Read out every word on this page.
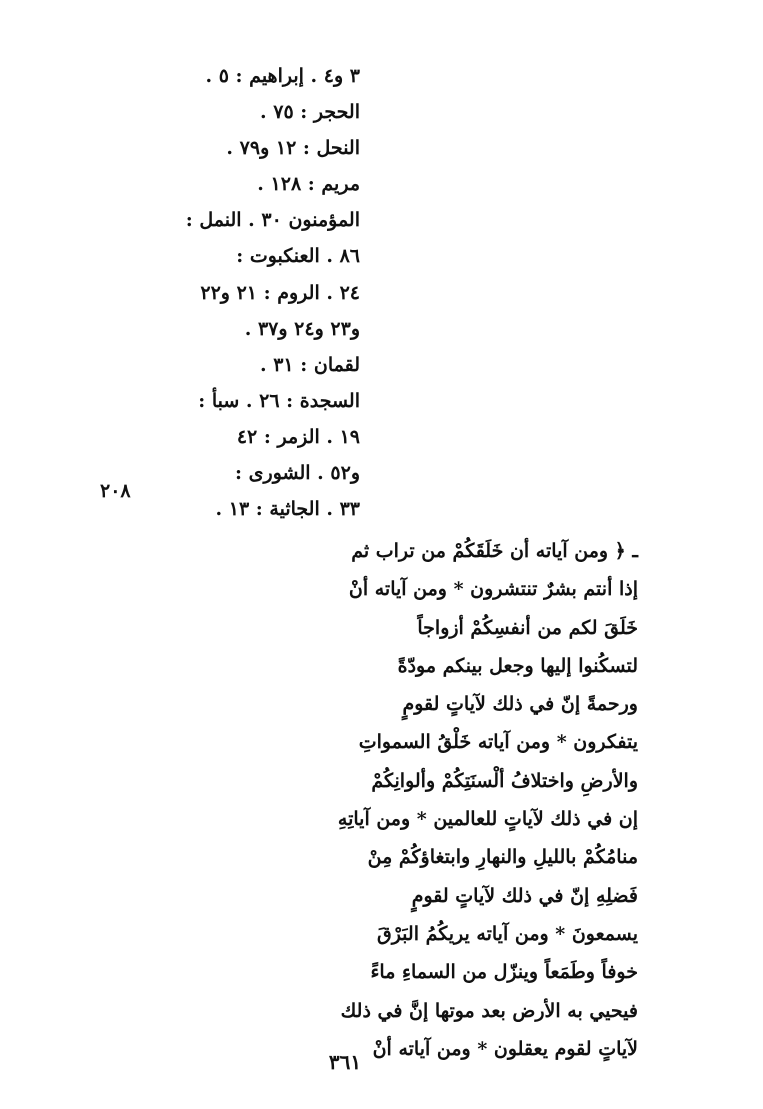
٣ و٤ . إبراهيم : ٥ .
الحجر : ٧٥ .
النحل : ١٢ و٧٩ .
مريم : ١٢٨ .
المؤمنون ٣٠ . النمل :
٨٦ . العنكبوت :
٢٤ . الروم : ٢١ و٢٢
و٢٣ و٢٤ و٣٧ .
لقمان : ٣١ .
السجدة : ٢٦ . سبأ :
١٩ . الزمر : ٤٢
و٥٢ . الشورى :
٣٣ . الجاثية : ١٣ .
٢٠٨
ـ ﴿ ومن آياته أن خَلَقَكُمْ من تراب ثم
إذا أنتم بشرٌ تنتشرون * ومن آياته أنْ
خَلَقَ لكم من أنفسِكُمْ أزواجاً
لتسكُنوا إليها وجعل بينكم مودّةً
ورحمةً إنّ في ذلك لآياتٍ لقومٍ
يتفكرون * ومن آياته خَلْقُ السمواتِ
والأرضِ واختلافُ ألْسنَتِكُمْ وألوانِكُمْ
إن في ذلك لآياتٍ للعالمين * ومن آياتِهِ
منامُكُمْ بالليلِ والنهارِ وابتغاؤكُمْ مِنْ
فَضلِهِ إنّ في ذلك لآياتٍ لقومٍ
يسمعونَ * ومن آياته يريكُمُ البَرْقَ
خوفاً وطَمَعاً وينزّل من السماءِ ماءً
فيحيي به الأرض بعد موتها إنَّ في ذلك
لآياتٍ لقوم يعقلون * ومن آياته أنْ
٣٦١
